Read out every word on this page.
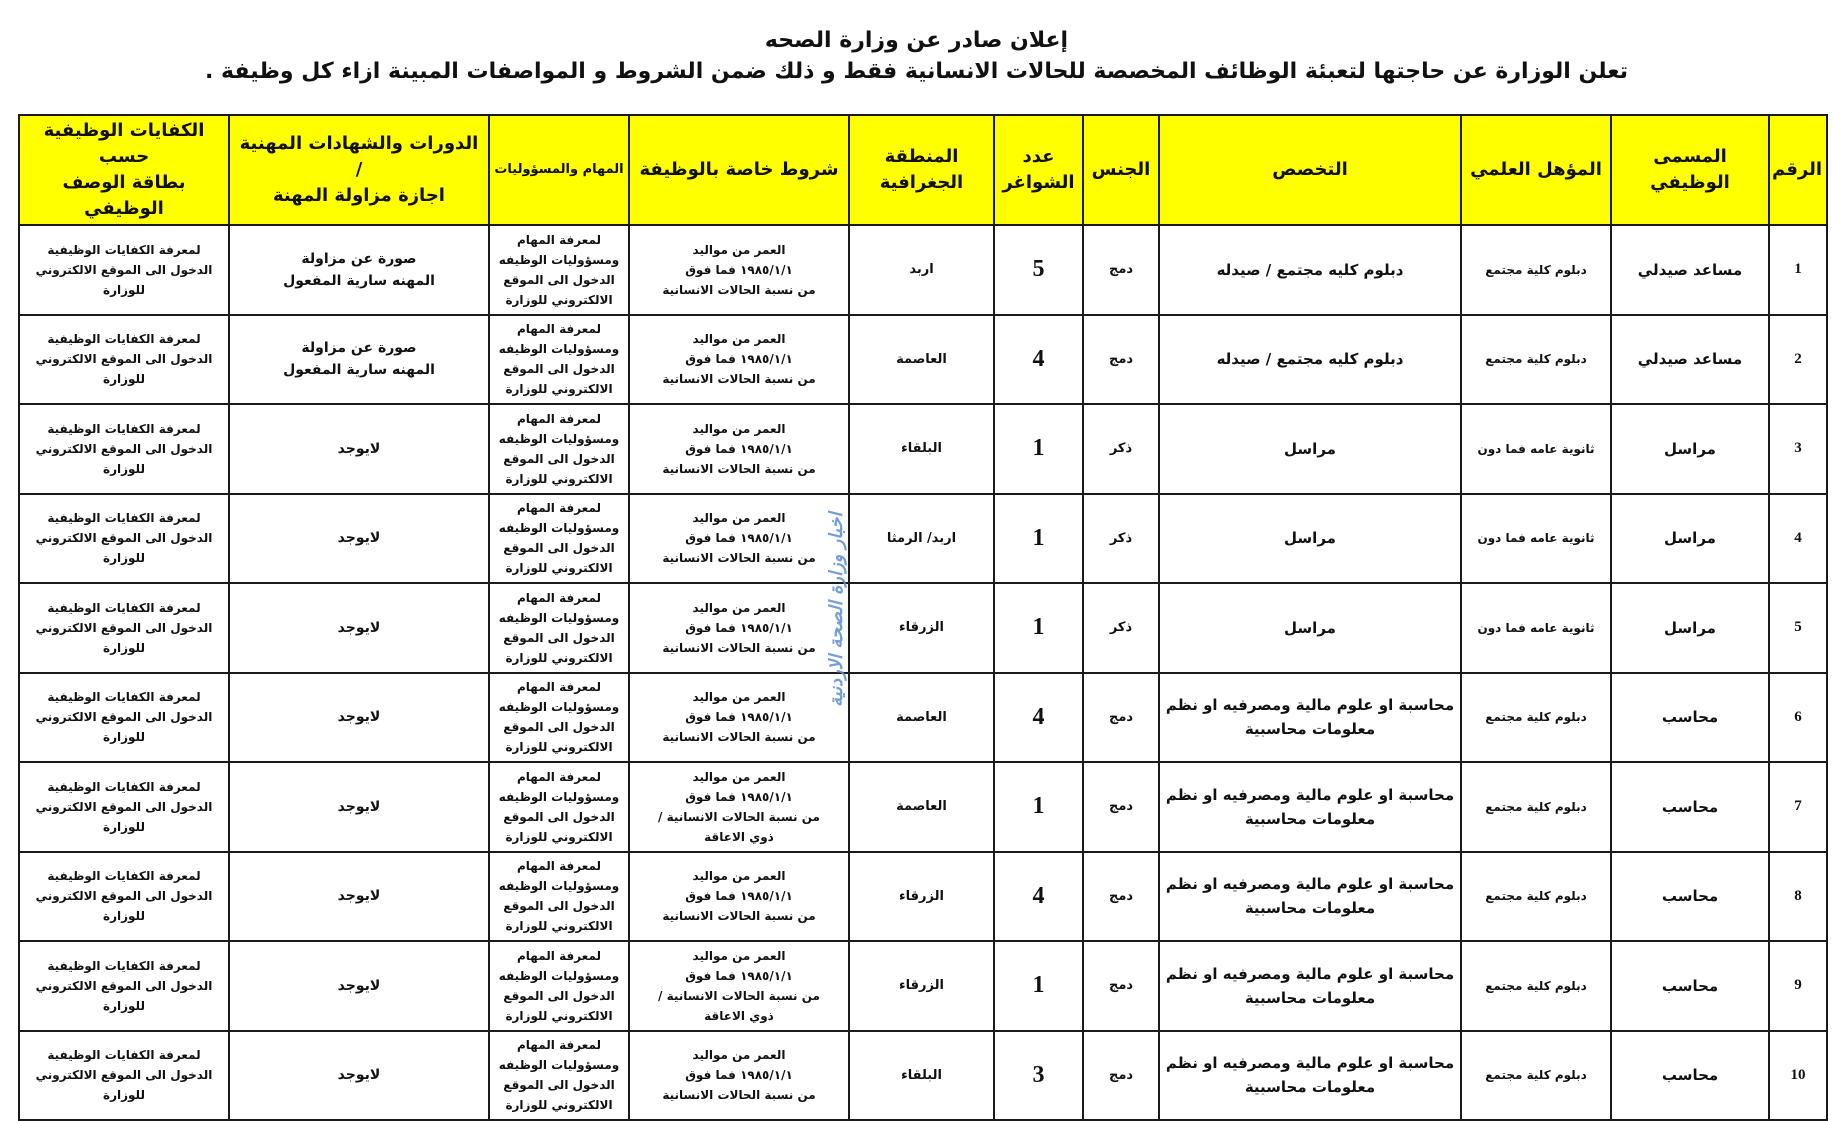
إعلان صادر عن وزارة الصحه

تعلن الوزارة عن حاجتها لتعبئة الوظائف المخصصة للحالات الانسانية فقط و ذلك ضمن الشروط و المواصفات المبينة ازاء كل وظيفة .

الرقم	المسمى الوظيفي	المؤهل العلمي	التخصص	الجنس	عدد
الشواغر	المنطقة
الجغرافية	شروط خاصة بالوظيفة	المهام والمسؤوليات	الدورات والشهادات المهنية /
اجازة مزاولة المهنة	الكفايات الوظيفية حسب
بطاقة الوصف الوظيفي

1	مساعد صيدلي	دبلوم كلية مجتمع	دبلوم كليه مجتمع / صيدله	دمج	5	اربد	العمر من مواليد
١٩٨٥/١/١ فما فوق
من نسبة الحالات الانسانية	لمعرفة المهام
ومسؤوليات الوظيفه
الدخول الى الموقع
الالكتروني للوزارة	صورة عن مزاولة
المهنه سارية المفعول	لمعرفة الكفايات الوظيفية
الدخول الى الموقع الالكتروني
للوزارة

2	مساعد صيدلي	دبلوم كلية مجتمع	دبلوم كليه مجتمع / صيدله	دمج	4	العاصمة	العمر من مواليد
١٩٨٥/١/١ فما فوق
من نسبة الحالات الانسانية	لمعرفة المهام
ومسؤوليات الوظيفه
الدخول الى الموقع
الالكتروني للوزارة	صورة عن مزاولة
المهنه سارية المفعول	لمعرفة الكفايات الوظيفية
الدخول الى الموقع الالكتروني
للوزارة

3	مراسل	ثانوية عامه فما دون	مراسل	ذكر	1	البلقاء	العمر من مواليد
١٩٨٥/١/١ فما فوق
من نسبة الحالات الانسانية	لمعرفة المهام
ومسؤوليات الوظيفه
الدخول الى الموقع
الالكتروني للوزارة	لايوجد	لمعرفة الكفايات الوظيفية
الدخول الى الموقع الالكتروني
للوزارة

4	مراسل	ثانوية عامه فما دون	مراسل	ذكر	1	اربد/ الرمثا	العمر من مواليد
١٩٨٥/١/١ فما فوق
من نسبة الحالات الانسانية	لمعرفة المهام
ومسؤوليات الوظيفه
الدخول الى الموقع
الالكتروني للوزارة	لايوجد	لمعرفة الكفايات الوظيفية
الدخول الى الموقع الالكتروني
للوزارة

5	مراسل	ثانوية عامه فما دون	مراسل	ذكر	1	الزرقاء	العمر من مواليد
١٩٨٥/١/١ فما فوق
من نسبة الحالات الانسانية	لمعرفة المهام
ومسؤوليات الوظيفه
الدخول الى الموقع
الالكتروني للوزارة	لايوجد	لمعرفة الكفايات الوظيفية
الدخول الى الموقع الالكتروني
للوزارة

6	محاسب	دبلوم كلية مجتمع	محاسبة او علوم مالية ومصرفيه او نظم
معلومات محاسبية	دمج	4	العاصمة	العمر من مواليد
١٩٨٥/١/١ فما فوق
من نسبة الحالات الانسانية	لمعرفة المهام
ومسؤوليات الوظيفه
الدخول الى الموقع
الالكتروني للوزارة	لايوجد	لمعرفة الكفايات الوظيفية
الدخول الى الموقع الالكتروني
للوزارة

7	محاسب	دبلوم كلية مجتمع	محاسبة او علوم مالية ومصرفيه او نظم
معلومات محاسبية	دمج	1	العاصمة	العمر من مواليد
١٩٨٥/١/١ فما فوق
من نسبة الحالات الانسانية /
ذوي الاعاقة	لمعرفة المهام
ومسؤوليات الوظيفه
الدخول الى الموقع
الالكتروني للوزارة	لايوجد	لمعرفة الكفايات الوظيفية
الدخول الى الموقع الالكتروني
للوزارة

8	محاسب	دبلوم كلية مجتمع	محاسبة او علوم مالية ومصرفيه او نظم
معلومات محاسبية	دمج	4	الزرقاء	العمر من مواليد
١٩٨٥/١/١ فما فوق
من نسبة الحالات الانسانية	لمعرفة المهام
ومسؤوليات الوظيفه
الدخول الى الموقع
الالكتروني للوزارة	لايوجد	لمعرفة الكفايات الوظيفية
الدخول الى الموقع الالكتروني
للوزارة

9	محاسب	دبلوم كلية مجتمع	محاسبة او علوم مالية ومصرفيه او نظم
معلومات محاسبية	دمج	1	الزرقاء	العمر من مواليد
١٩٨٥/١/١ فما فوق
من نسبة الحالات الانسانية /
ذوي الاعاقة	لمعرفة المهام
ومسؤوليات الوظيفه
الدخول الى الموقع
الالكتروني للوزارة	لايوجد	لمعرفة الكفايات الوظيفية
الدخول الى الموقع الالكتروني
للوزارة

10	محاسب	دبلوم كلية مجتمع	محاسبة او علوم مالية ومصرفيه او نظم
معلومات محاسبية	دمج	3	البلقاء	العمر من مواليد
١٩٨٥/١/١ فما فوق
من نسبة الحالات الانسانية	لمعرفة المهام
ومسؤوليات الوظيفه
الدخول الى الموقع
الالكتروني للوزارة	لايوجد	لمعرفة الكفايات الوظيفية
الدخول الى الموقع الالكتروني
للوزارة
اخبار وزارة الصحة الاردنية
